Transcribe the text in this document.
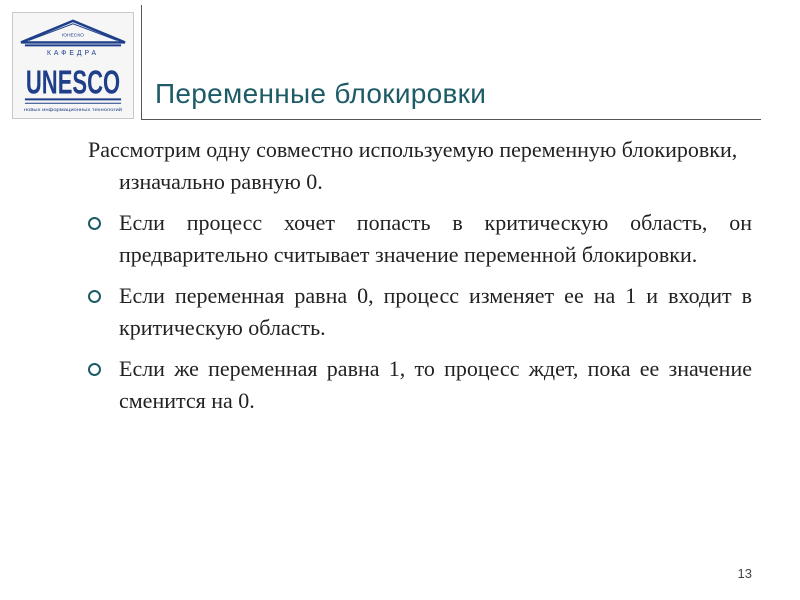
ЮНЕСКО
КАФЕДРА
UNESCO
новых информационных технологий
Переменные блокировки

Рассмотрим одну совместно используемую переменную блокировки, изначально равную 0.

Если процесс хочет попасть в критическую область, он предварительно считывает значение переменной блокировки.
Если переменная равна 0, процесс изменяет ее на 1 и входит в критическую область.
Если же переменная равна 1, то процесс ждет, пока ее значение сменится на 0.
13
